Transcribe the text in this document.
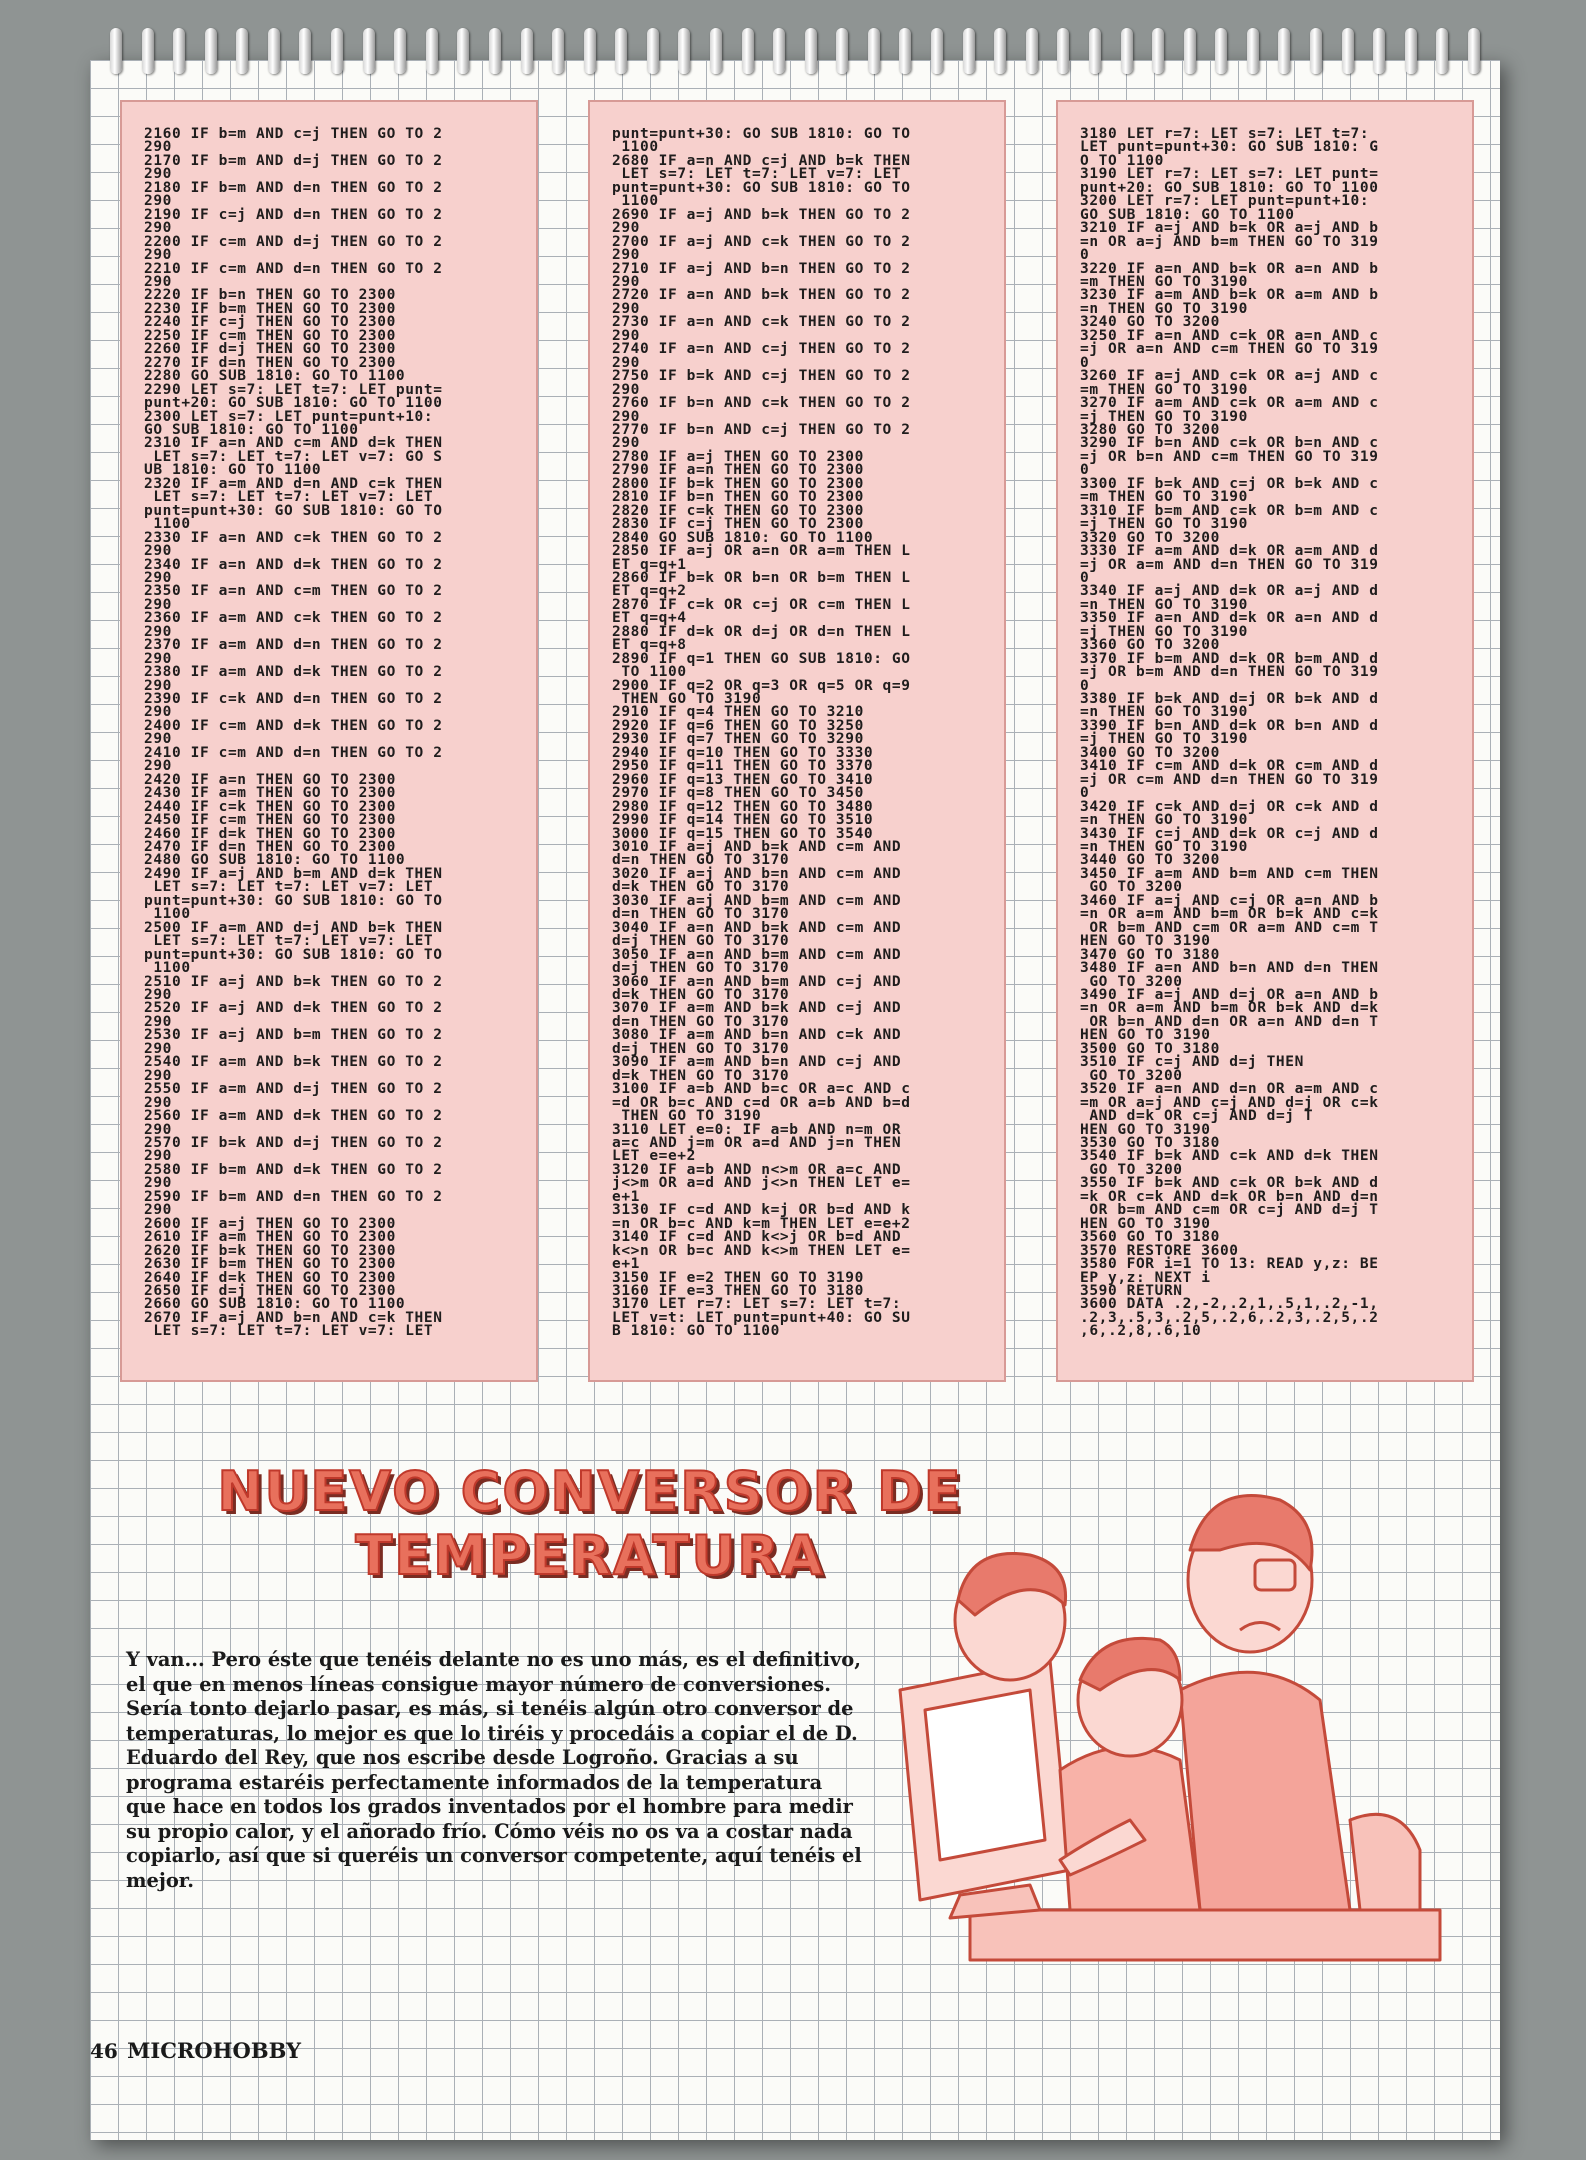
2160 IF b=m AND c=j THEN GO TO 2
290
2170 IF b=m AND d=j THEN GO TO 2
290
2180 IF b=m AND d=n THEN GO TO 2
290
2190 IF c=j AND d=n THEN GO TO 2
290
2200 IF c=m AND d=j THEN GO TO 2
290
2210 IF c=m AND d=n THEN GO TO 2
290
2220 IF b=n THEN GO TO 2300
2230 IF b=m THEN GO TO 2300
2240 IF c=j THEN GO TO 2300
2250 IF c=m THEN GO TO 2300
2260 IF d=j THEN GO TO 2300
2270 IF d=n THEN GO TO 2300
2280 GO SUB 1810: GO TO 1100
2290 LET s=7: LET t=7: LET punt=
punt+20: GO SUB 1810: GO TO 1100
2300 LET s=7: LET punt=punt+10:
GO SUB 1810: GO TO 1100
2310 IF a=n AND c=m AND d=k THEN
LET s=7: LET t=7: LET v=7: GO S
UB 1810: GO TO 1100
2320 IF a=m AND d=n AND c=k THEN
LET s=7: LET t=7: LET v=7: LET
punt=punt+30: GO SUB 1810: GO TO
1100
2330 IF a=n AND c=k THEN GO TO 2
290
2340 IF a=n AND d=k THEN GO TO 2
290
2350 IF a=n AND c=m THEN GO TO 2
290
2360 IF a=m AND c=k THEN GO TO 2
290
2370 IF a=m AND d=n THEN GO TO 2
290
2380 IF a=m AND d=k THEN GO TO 2
290
2390 IF c=k AND d=n THEN GO TO 2
290
2400 IF c=m AND d=k THEN GO TO 2
290
2410 IF c=m AND d=n THEN GO TO 2
290
2420 IF a=n THEN GO TO 2300
2430 IF a=m THEN GO TO 2300
2440 IF c=k THEN GO TO 2300
2450 IF c=m THEN GO TO 2300
2460 IF d=k THEN GO TO 2300
2470 IF d=n THEN GO TO 2300
2480 GO SUB 1810: GO TO 1100
2490 IF a=j AND b=m AND d=k THEN
LET s=7: LET t=7: LET v=7: LET
punt=punt+30: GO SUB 1810: GO TO
1100
2500 IF a=m AND d=j AND b=k THEN
LET s=7: LET t=7: LET v=7: LET
punt=punt+30: GO SUB 1810: GO TO
1100
2510 IF a=j AND b=k THEN GO TO 2
290
2520 IF a=j AND d=k THEN GO TO 2
290
2530 IF a=j AND b=m THEN GO TO 2
290
2540 IF a=m AND b=k THEN GO TO 2
290
2550 IF a=m AND d=j THEN GO TO 2
290
2560 IF a=m AND d=k THEN GO TO 2
290
2570 IF b=k AND d=j THEN GO TO 2
290
2580 IF b=m AND d=k THEN GO TO 2
290
2590 IF b=m AND d=n THEN GO TO 2
290
2600 IF a=j THEN GO TO 2300
2610 IF a=m THEN GO TO 2300
2620 IF b=k THEN GO TO 2300
2630 IF b=m THEN GO TO 2300
2640 IF d=k THEN GO TO 2300
2650 IF d=j THEN GO TO 2300
2660 GO SUB 1810: GO TO 1100
2670 IF a=j AND b=n AND c=k THEN
LET s=7: LET t=7: LET v=7: LET
punt=punt+30: GO SUB 1810: GO TO
1100
2680 IF a=n AND c=j AND b=k THEN
LET s=7: LET t=7: LET v=7: LET
punt=punt+30: GO SUB 1810: GO TO
1100
2690 IF a=j AND b=k THEN GO TO 2
290
2700 IF a=j AND c=k THEN GO TO 2
290
2710 IF a=j AND b=n THEN GO TO 2
290
2720 IF a=n AND b=k THEN GO TO 2
290
2730 IF a=n AND c=k THEN GO TO 2
290
2740 IF a=n AND c=j THEN GO TO 2
290
2750 IF b=k AND c=j THEN GO TO 2
290
2760 IF b=n AND c=k THEN GO TO 2
290
2770 IF b=n AND c=j THEN GO TO 2
290
2780 IF a=j THEN GO TO 2300
2790 IF a=n THEN GO TO 2300
2800 IF b=k THEN GO TO 2300
2810 IF b=n THEN GO TO 2300
2820 IF c=k THEN GO TO 2300
2830 IF c=j THEN GO TO 2300
2840 GO SUB 1810: GO TO 1100
2850 IF a=j OR a=n OR a=m THEN L
ET q=q+1
2860 IF b=k OR b=n OR b=m THEN L
ET q=q+2
2870 IF c=k OR c=j OR c=m THEN L
ET q=q+4
2880 IF d=k OR d=j OR d=n THEN L
ET q=q+8
2890 IF q=1 THEN GO SUB 1810: GO
TO 1100
2900 IF q=2 OR q=3 OR q=5 OR q=9
THEN GO TO 3190
2910 IF q=4 THEN GO TO 3210
2920 IF q=6 THEN GO TO 3250
2930 IF q=7 THEN GO TO 3290
2940 IF q=10 THEN GO TO 3330
2950 IF q=11 THEN GO TO 3370
2960 IF q=13 THEN GO TO 3410
2970 IF q=8 THEN GO TO 3450
2980 IF q=12 THEN GO TO 3480
2990 IF q=14 THEN GO TO 3510
3000 IF q=15 THEN GO TO 3540
3010 IF a=j AND b=k AND c=m AND
d=n THEN GO TO 3170
3020 IF a=j AND b=n AND c=m AND
d=k THEN GO TO 3170
3030 IF a=j AND b=m AND c=m AND
d=n THEN GO TO 3170
3040 IF a=n AND b=k AND c=m AND
d=j THEN GO TO 3170
3050 IF a=n AND b=m AND c=m AND
d=j THEN GO TO 3170
3060 IF a=n AND b=m AND c=j AND
d=k THEN GO TO 3170
3070 IF a=m AND b=k AND c=j AND
d=n THEN GO TO 3170
3080 IF a=m AND b=n AND c=k AND
d=j THEN GO TO 3170
3090 IF a=m AND b=n AND c=j AND
d=k THEN GO TO 3170
3100 IF a=b AND b=c OR a=c AND c
=d OR b=c AND c=d OR a=b AND b=d
THEN GO TO 3190
3110 LET e=0: IF a=b AND n=m OR
a=c AND j=m OR a=d AND j=n THEN
LET e=e+2
3120 IF a=b AND n<>m OR a=c AND
j<>m OR a=d AND j<>n THEN LET e=
e+1
3130 IF c=d AND k=j OR b=d AND k
=n OR b=c AND k=m THEN LET e=e+2
3140 IF c=d AND k<>j OR b=d AND
k<>n OR b=c AND k<>m THEN LET e=
e+1
3150 IF e=2 THEN GO TO 3190
3160 IF e=3 THEN GO TO 3180
3170 LET r=7: LET s=7: LET t=7:
LET v=t: LET punt=punt+40: GO SU
B 1810: GO TO 1100
3180 LET r=7: LET s=7: LET t=7:
LET punt=punt+30: GO SUB 1810: G
O TO 1100
3190 LET r=7: LET s=7: LET punt=
punt+20: GO SUB 1810: GO TO 1100
3200 LET r=7: LET punt=punt+10:
GO SUB 1810: GO TO 1100
3210 IF a=j AND b=k OR a=j AND b
=n OR a=j AND b=m THEN GO TO 319
0
3220 IF a=n AND b=k OR a=n AND b
=m THEN GO TO 3190
3230 IF a=m AND b=k OR a=m AND b
=n THEN GO TO 3190
3240 GO TO 3200
3250 IF a=n AND c=k OR a=n AND c
=j OR a=n AND c=m THEN GO TO 319
0
3260 IF a=j AND c=k OR a=j AND c
=m THEN GO TO 3190
3270 IF a=m AND c=k OR a=m AND c
=j THEN GO TO 3190
3280 GO TO 3200
3290 IF b=n AND c=k OR b=n AND c
=j OR b=n AND c=m THEN GO TO 319
0
3300 IF b=k AND c=j OR b=k AND c
=m THEN GO TO 3190
3310 IF b=m AND c=k OR b=m AND c
=j THEN GO TO 3190
3320 GO TO 3200
3330 IF a=m AND d=k OR a=m AND d
=j OR a=m AND d=n THEN GO TO 319
0
3340 IF a=j AND d=k OR a=j AND d
=n THEN GO TO 3190
3350 IF a=n AND d=k OR a=n AND d
=j THEN GO TO 3190
3360 GO TO 3200
3370 IF b=m AND d=k OR b=m AND d
=j OR b=m AND d=n THEN GO TO 319
0
3380 IF b=k AND d=j OR b=k AND d
=n THEN GO TO 3190
3390 IF b=n AND d=k OR b=n AND d
=j THEN GO TO 3190
3400 GO TO 3200
3410 IF c=m AND d=k OR c=m AND d
=j OR c=m AND d=n THEN GO TO 319
0
3420 IF c=k AND d=j OR c=k AND d
=n THEN GO TO 3190
3430 IF c=j AND d=k OR c=j AND d
=n THEN GO TO 3190
3440 GO TO 3200
3450 IF a=m AND b=m AND c=m THEN
GO TO 3200
3460 IF a=j AND c=j OR a=n AND b
=n OR a=m AND b=m OR b=k AND c=k
OR b=m AND c=m OR a=m AND c=m T
HEN GO TO 3190
3470 GO TO 3180
3480 IF a=n AND b=n AND d=n THEN
GO TO 3200
3490 IF a=j AND d=j OR a=n AND b
=n OR a=m AND b=m OR b=k AND d=k
OR b=n AND d=n OR a=n AND d=n T
HEN GO TO 3190
3500 GO TO 3180
3510 IF c=j AND d=j THEN
GO TO 3200
3520 IF a=n AND d=n OR a=m AND c
=m OR a=j AND c=j AND d=j OR c=k
AND d=k OR c=j AND d=j T
HEN GO TO 3190
3530 GO TO 3180
3540 IF b=k AND c=k AND d=k THEN
GO TO 3200
3550 IF b=k AND c=k OR b=k AND d
=k OR c=k AND d=k OR b=n AND d=n
OR b=m AND c=m OR c=j AND d=j T
HEN GO TO 3190
3560 GO TO 3180
3570 RESTORE 3600
3580 FOR i=1 TO 13: READ y,z: BE
EP y,z: NEXT i
3590 RETURN
3600 DATA .2,-2,.2,1,.5,1,.2,-1,
.2,3,.5,3,.2,5,.2,6,.2,3,.2,5,.2
,6,.2,8,.6,10
NUEVO CONVERSOR DE
TEMPERATURA

Y van... Pero éste que tenéis delante no es uno más, es el definitivo, el que en menos líneas consigue mayor número de conversiones. Sería tonto dejarlo pasar, es más, si tenéis algún otro conversor de temperaturas, lo mejor es que lo tiréis y procedáis a copiar el de D. Eduardo del Rey, que nos escribe desde Logroño. Gracias a su programa estaréis perfectamente informados de la temperatura que hace en todos los grados inventados por el hombre para medir su propio calor, y el añorado frío. Cómo véis no os va a costar nada copiarlo, así que si queréis un conversor competente, aquí tenéis el mejor.

46 MICROHOBBY
